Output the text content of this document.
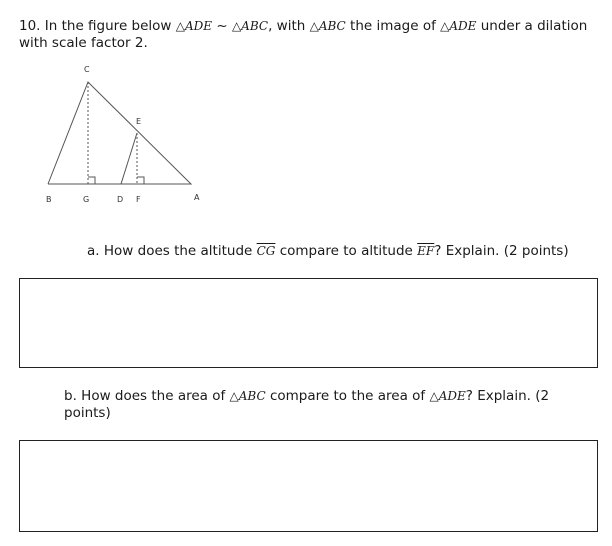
10. In the figure below △ADE ~ △ABC, with △ABC the image of △ADE under a dilation with scale factor 2.
C
E
B	G	D F	A
a. How does the altitude $\overline{CG}$ compare to altitude $\overline{EF}$? Explain. (2 points)
b. How does the area of △ABC compare to the area of △ADE? Explain. (2 points)
